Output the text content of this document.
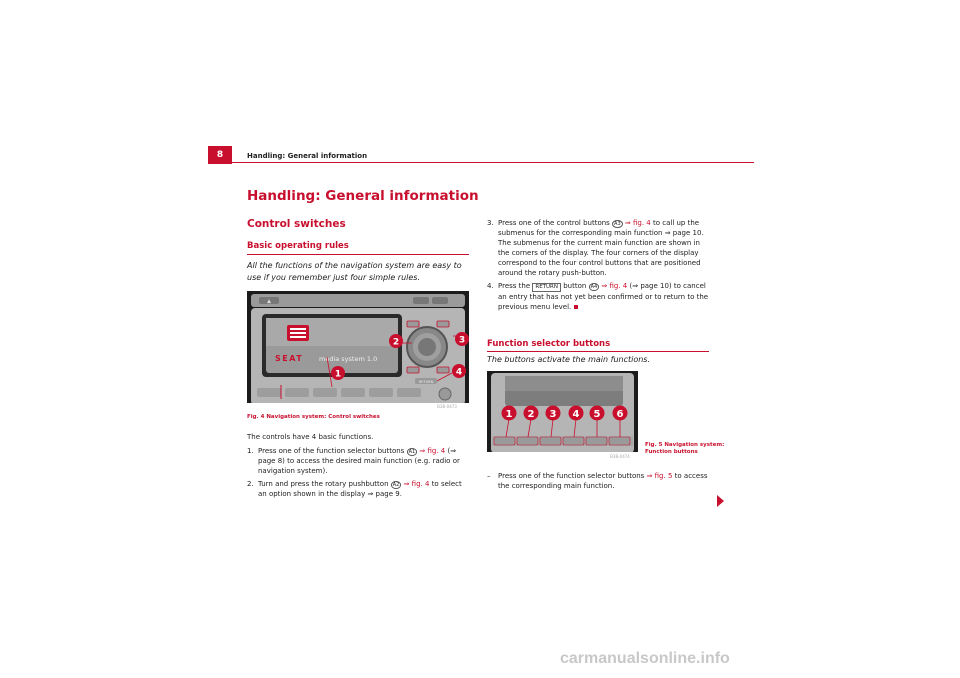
8	Handling: General information
Handling: General information
Control switches
Basic operating rules
All the functions of the navigation system are easy to use if you remember just four simple rules.
▲
SEAT media system 1.0
RETURN
1
2	3
4
B3B-0473
Fig. 4 Navigation system: Control switches
The controls have 4 basic functions.
1. Press one of the function selector buttons A1 ⇒ fig. 4 (⇒ page 8) to access the desired main function (e.g. radio or navigation system).
2. Turn and press the rotary pushbutton A2 ⇒ fig. 4 to select an option shown in the display ⇒ page 9.
3. Press one of the control buttons A3 ⇒ fig. 4 to call up the submenus for the corresponding main function ⇒ page 10. The submenus for the current main function are shown in the corners of the display. The four corners of the display correspond to the four control buttons that are positioned around the rotary push-button.
4. Press the RETURN button A4 ⇒ fig. 4 (⇒ page 10) to cancel an entry that has not yet been confirmed or to return to the previous menu level.
Function selector buttons
The buttons activate the main functions.
1 2 3 4 5 6
B3B-0474
Fig. 5 Navigation system:
Function buttons
– Press one of the function selector buttons ⇒ fig. 5 to access the corresponding main function.
carmanualsonline.info
